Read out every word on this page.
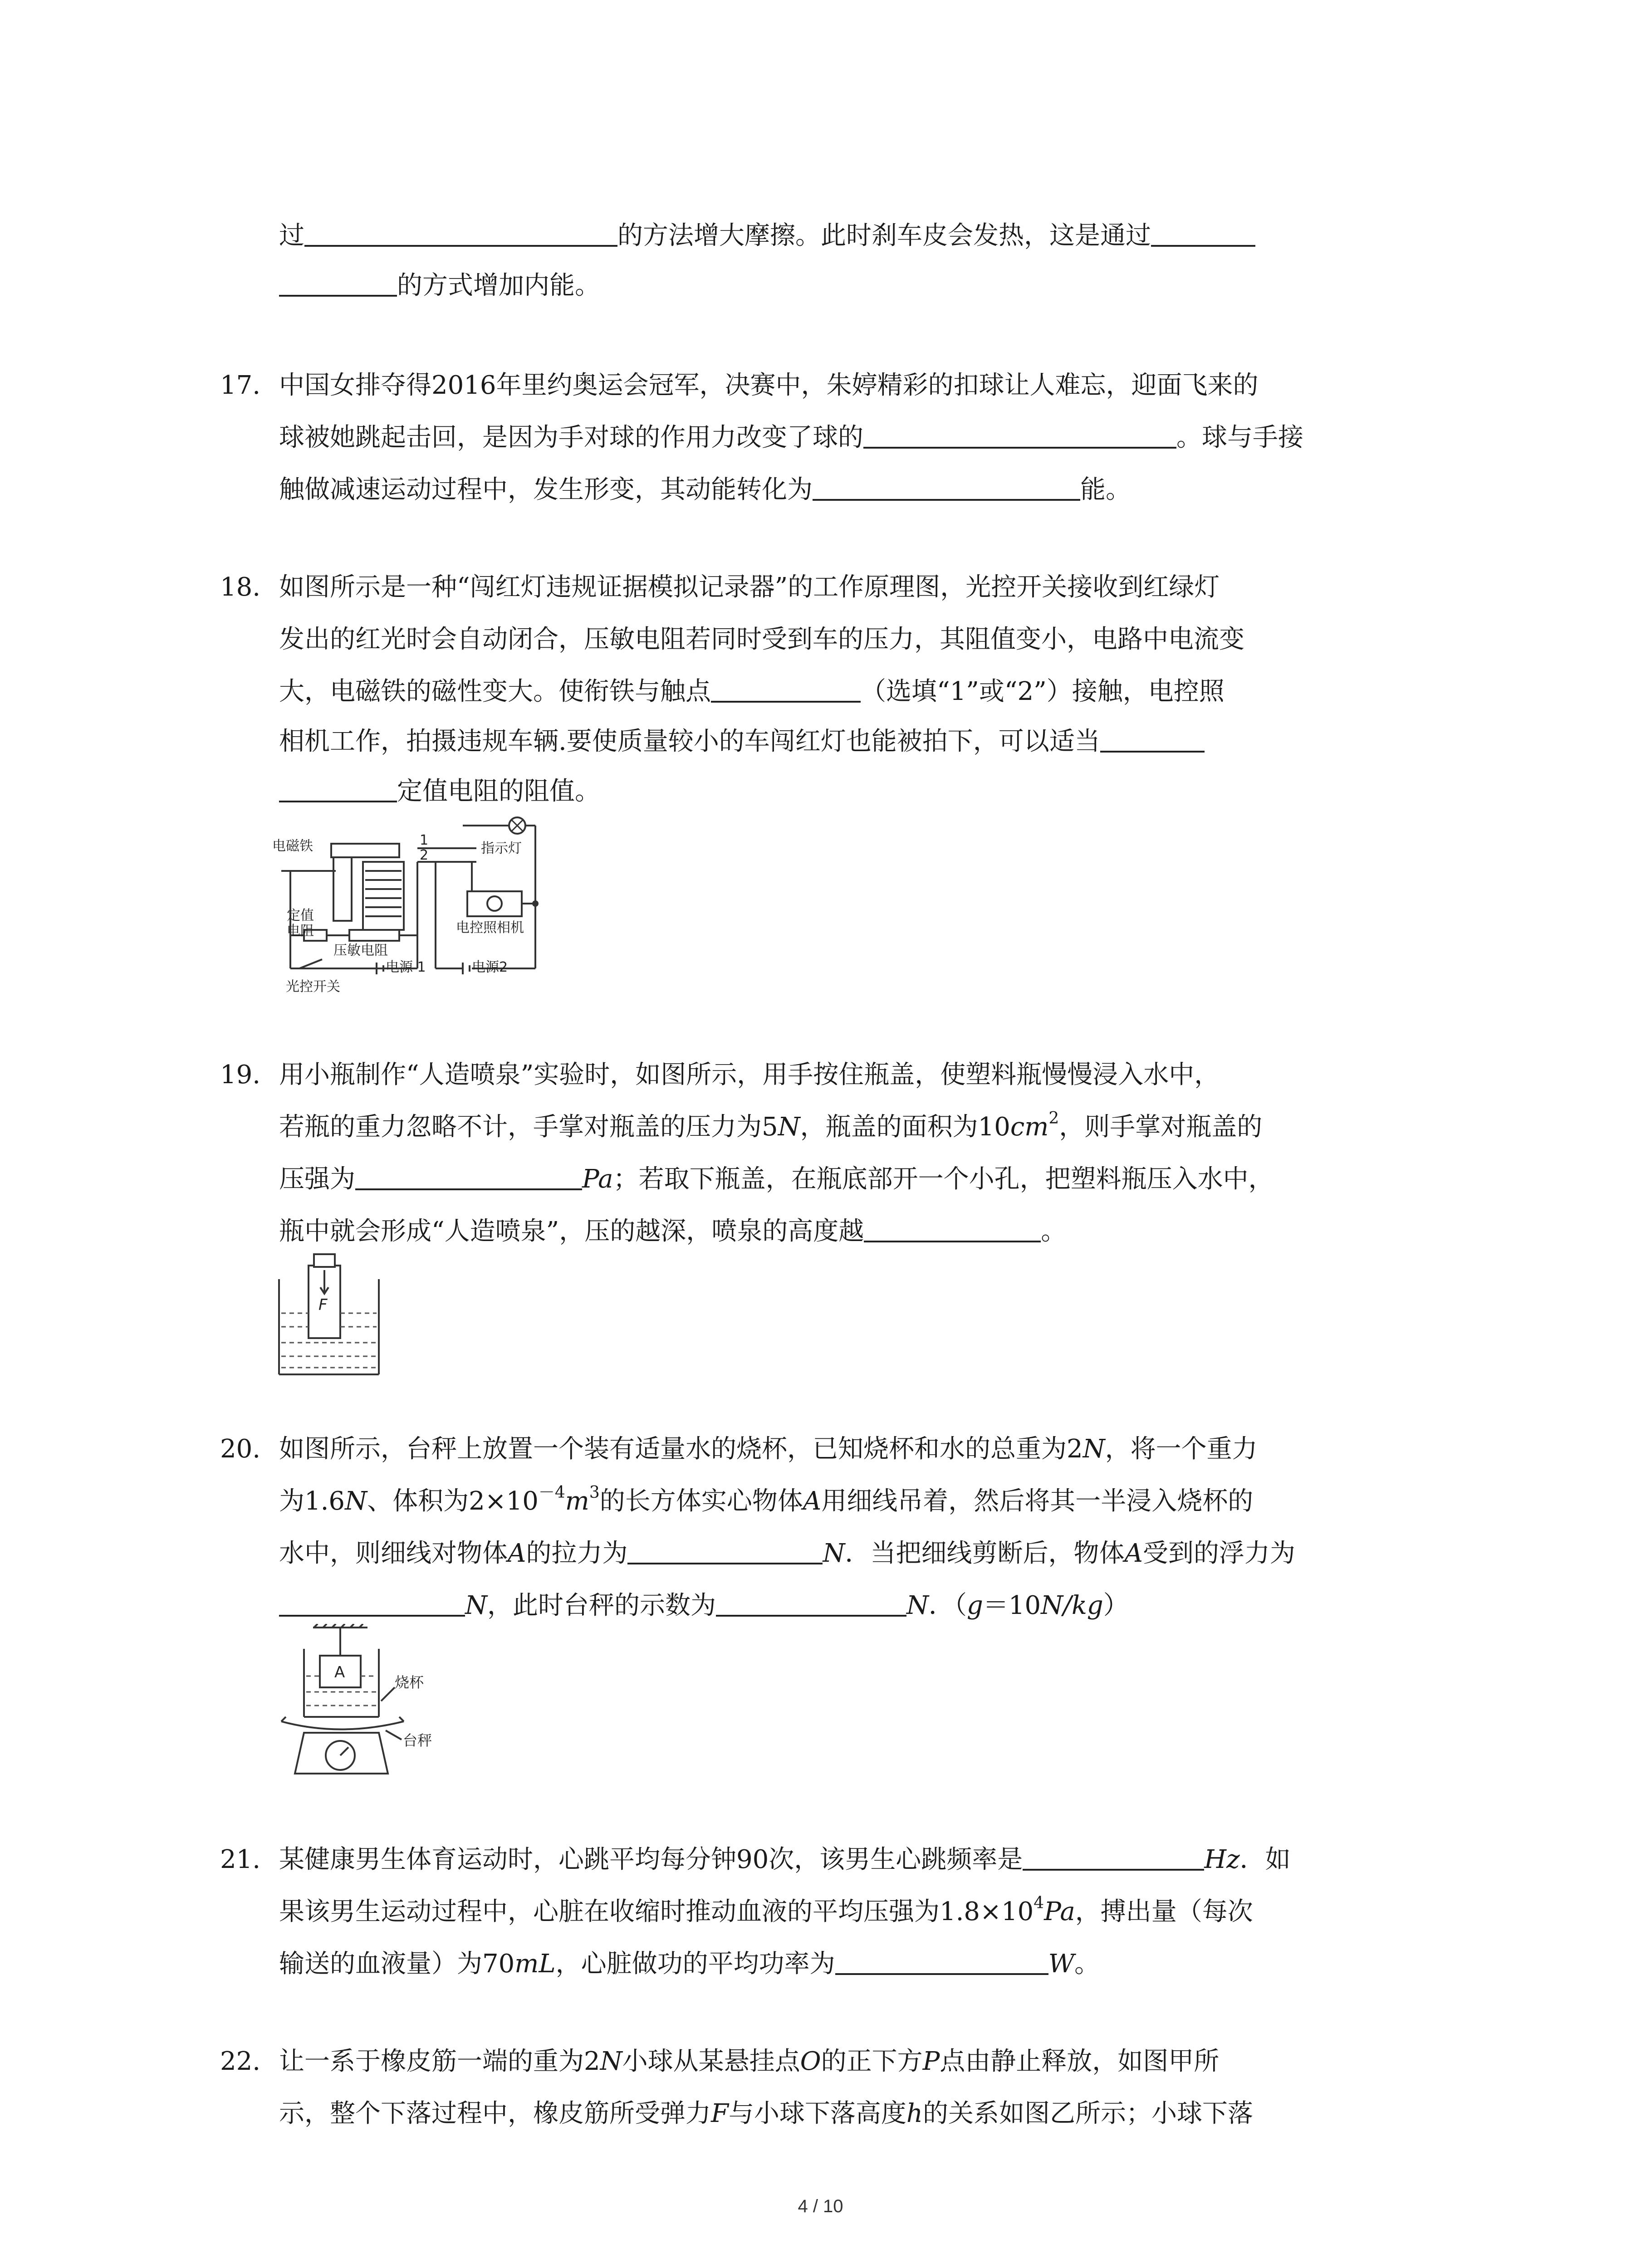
过	的方法增大摩擦。此时刹车皮会发热，这是通过
的方式增加内能。
17. 中国女排夺得2016年里约奥运会冠军，决赛中，朱婷精彩的扣球让人难忘，迎面飞来的
球被她跳起击回，是因为手对球的作用力改变了球的	。球与手接
触做减速运动过程中，发生形变，其动能转化为	能。
18. 如图所示是一种“闯红灯违规证据模拟记录器”的工作原理图，光控开关接收到红绿灯
发出的红光时会自动闭合，压敏电阻若同时受到车的压力，其阻值变小，电路中电流变
大，电磁铁的磁性变大。使衔铁与触点	（选填“1”或“2”）接触，电控照
相机工作，拍摄违规车辆.要使质量较小的车闯红灯也能被拍下，可以适当
定值电阻的阻值。
电磁铁	1
2	指示灯
定值
电阻
压敏电阻
电控照相机
电源 1	电源2
光控开关
19. 用小瓶制作“人造喷泉”实验时，如图所示，用手按住瓶盖，使塑料瓶慢慢浸入水中，
若瓶的重力忽略不计，手掌对瓶盖的压力为5N，瓶盖的面积为$10cm^2$，则手掌对瓶盖的
压强为	Pa；若取下瓶盖，在瓶底部开一个小孔，把塑料瓶压入水中，
瓶中就会形成“人造喷泉”，压的越深，喷泉的高度越	。
F
20. 如图所示，台秤上放置一个装有适量水的烧杯，已知烧杯和水的总重为2N，将一个重力
为1.6N、体积为$2\times 10^{-4}m^3$的长方体实心物体A用细线吊着，然后将其一半浸入烧杯的
水中，则细线对物体A的拉力为	N．当把细线剪断后，物体A受到的浮力为
N，此时台秤的示数为	N．（g＝10N/kg）
A
烧杯
台秤
21. 某健康男生体育运动时，心跳平均每分钟90次，该男生心跳频率是	Hz．如
果该男生运动过程中，心脏在收缩时推动血液的平均压强为$1.8\times 10^4Pa$，搏出量（每次
输送的血液量）为70mL，心脏做功的平均功率为	W。
22. 让一系于橡皮筋一端的重为2N小球从某悬挂点O的正下方P点由静止释放，如图甲所
示，整个下落过程中，橡皮筋所受弹力F与小球下落高度h的关系如图乙所示；小球下落
4 / 10
